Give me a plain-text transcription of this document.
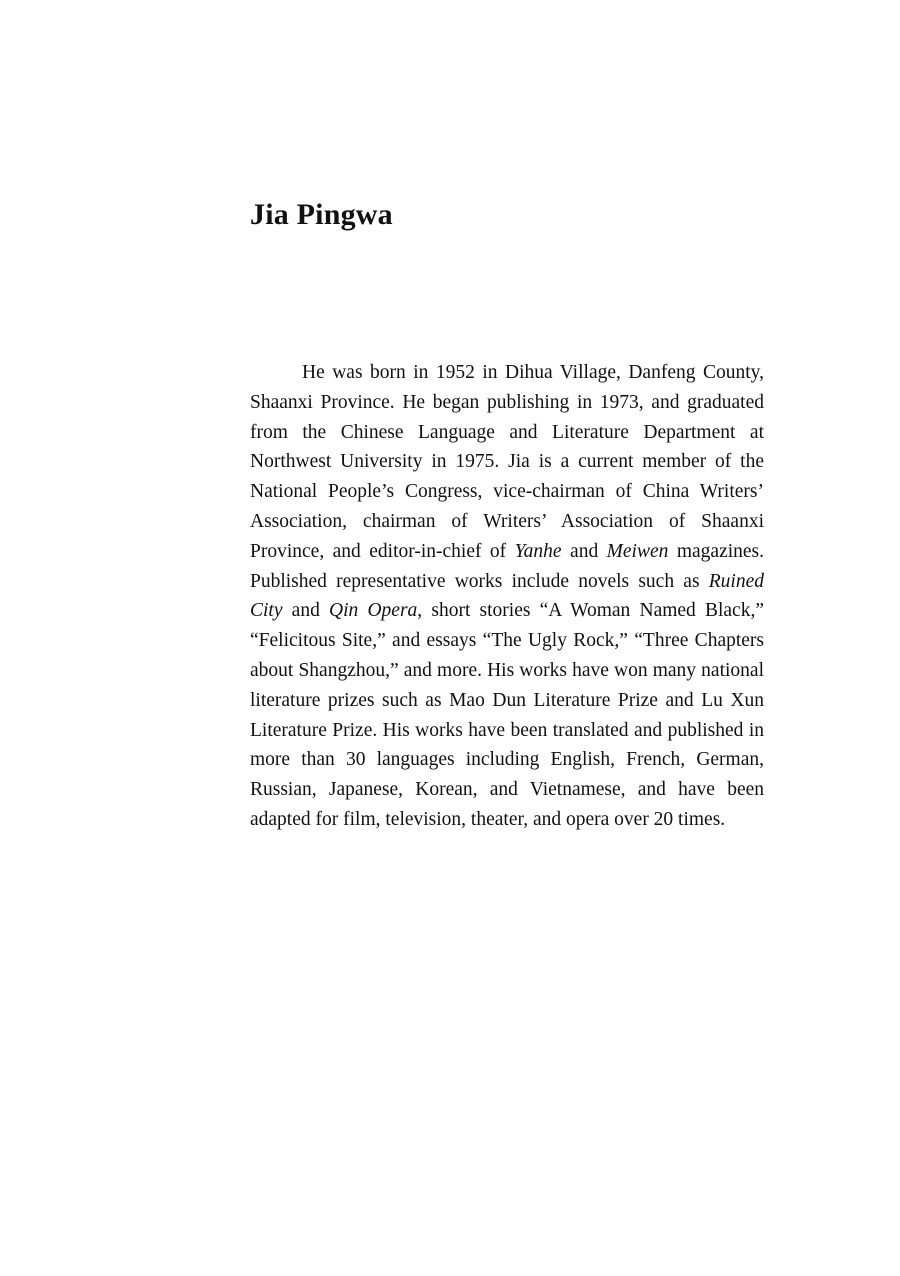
Jia Pingwa

He was born in 1952 in Dihua Village, Danfeng County, Shaanxi Province. He began publishing in 1973, and graduated from the Chinese Language and Literature Department at Northwest University in 1975. Jia is a current member of the National People’s Congress, vice-chairman of China Writers’ Association, chairman of Writers’ Association of Shaanxi Province, and editor-in-chief of Yanhe and Meiwen magazines. Published representative works include novels such as Ruined City and Qin Opera, short stories “A Woman Named Black,” “Felicitous Site,” and essays “The Ugly Rock,” “Three Chapters about Shangzhou,” and more. His works have won many national literature prizes such as Mao Dun Literature Prize and Lu Xun Literature Prize. His works have been translated and published in more than 30 languages including English, French, German, Russian, Japanese, Korean, and Vietnamese, and have been adapted for film, television, theater, and opera over 20 times.
